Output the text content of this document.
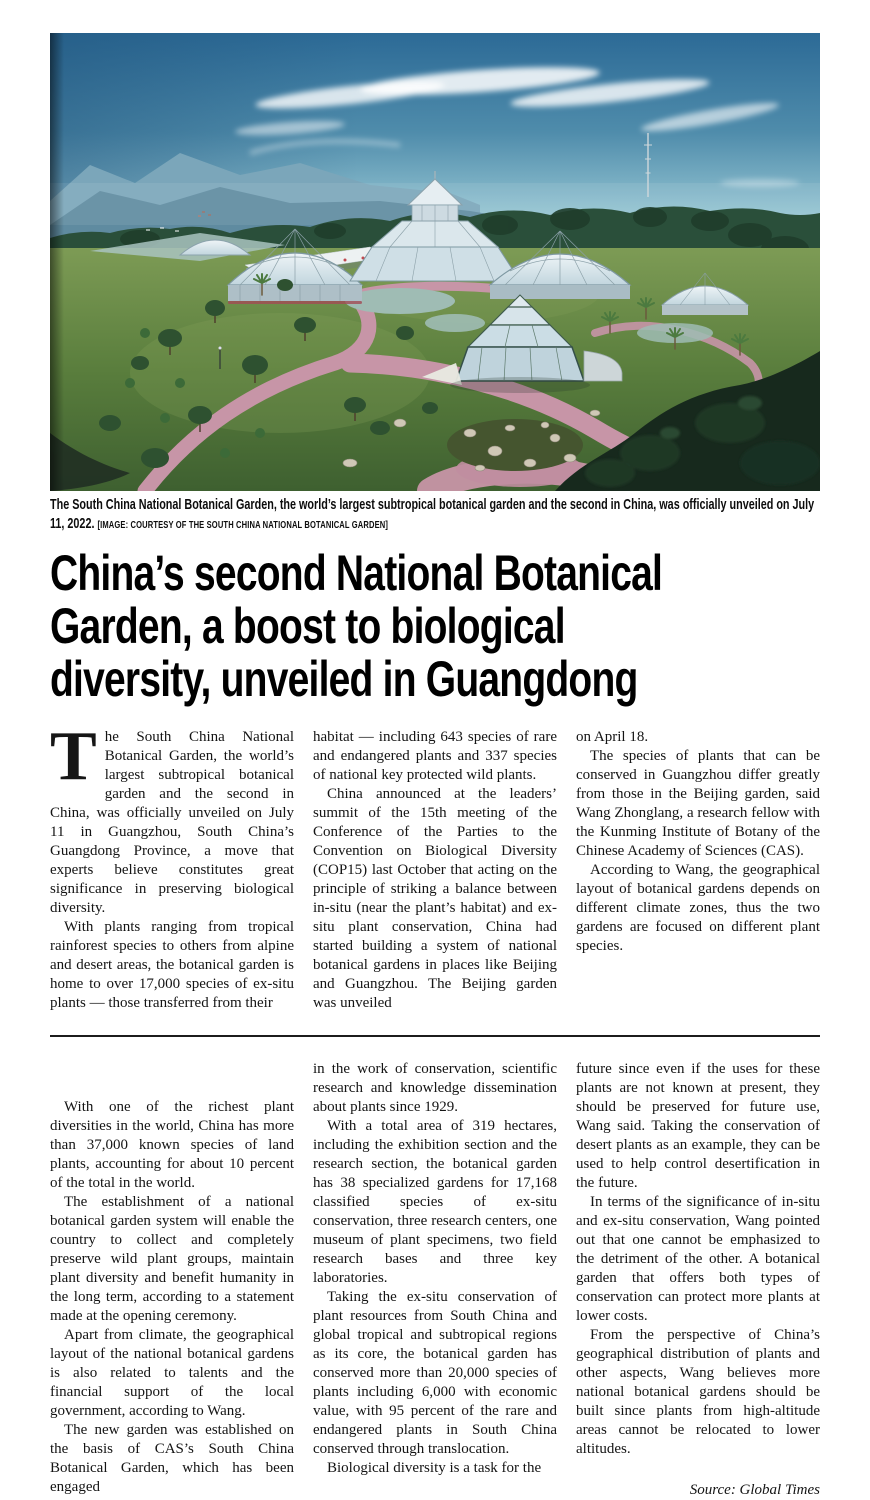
The South China National Botanical Garden, the world’s largest subtropical botanical garden and the second in China, was officially unveiled on July 11, 2022. [IMAGE: COURTESY OF THE SOUTH CHINA NATIONAL BOTANICAL GARDEN]
China’s second National Botanical
Garden, a boost to biological
diversity, unveiled in Guangdong

The South China National Botanical Garden, the world’s largest subtropical botanical garden and the second in China, was officially unveiled on July 11 in Guangzhou, South China’s Guangdong Province, a move that experts believe constitutes great significance in preserving biological diversity.

With plants ranging from tropical rainforest species to others from alpine and desert areas, the botanical garden is home to over 17,000 species of ex-situ plants — those transferred from their

habitat — including 643 species of rare and endangered plants and 337 species of national key protected wild plants.

China announced at the leaders’ summit of the 15th meeting of the Conference of the Parties to the Convention on Biological Diversity (COP15) last October that acting on the principle of striking a balance between in-situ (near the plant’s habitat) and ex-situ plant conservation, China had started building a system of national botanical gardens in places like Beijing and Guangzhou. The Beijing garden was unveiled

on April 18.

The species of plants that can be conserved in Guangzhou differ greatly from those in the Beijing garden, said Wang Zhonglang, a research fellow with the Kunming Institute of Botany of the Chinese Academy of Sciences (CAS).

According to Wang, the geographical layout of botanical gardens depends on different climate zones, thus the two gardens are focused on different plant species.

With one of the richest plant diversities in the world, China has more than 37,000 known species of land plants, accounting for about 10 percent of the total in the world.

The establishment of a national botanical garden system will enable the country to collect and completely preserve wild plant groups, maintain plant diversity and benefit humanity in the long term, according to a statement made at the opening ceremony.

Apart from climate, the geographical layout of the national botanical gardens is also related to talents and the financial support of the local government, according to Wang.

The new garden was established on the basis of CAS’s South China Botanical Garden, which has been engaged

in the work of conservation, scientific research and knowledge dissemination about plants since 1929.

With a total area of 319 hectares, including the exhibition section and the research section, the botanical garden has 38 specialized gardens for 17,168 classified species of ex-situ conservation, three research centers, one museum of plant specimens, two field research bases and three key laboratories.

Taking the ex-situ conservation of plant resources from South China and global tropical and subtropical regions as its core, the botanical garden has conserved more than 20,000 species of plants including 6,000 with economic value, with 95 percent of the rare and endangered plants in South China conserved through translocation.

Biological diversity is a task for the

future since even if the uses for these plants are not known at present, they should be preserved for future use, Wang said. Taking the conservation of desert plants as an example, they can be used to help control desertification in the future.

In terms of the significance of in-situ and ex-situ conservation, Wang pointed out that one cannot be emphasized to the detriment of the other. A botanical garden that offers both types of conservation can protect more plants at lower costs.

From the perspective of China’s geographical distribution of plants and other aspects, Wang believes more national botanical gardens should be built since plants from high-altitude areas cannot be relocated to lower altitudes.

Source: Global Times
